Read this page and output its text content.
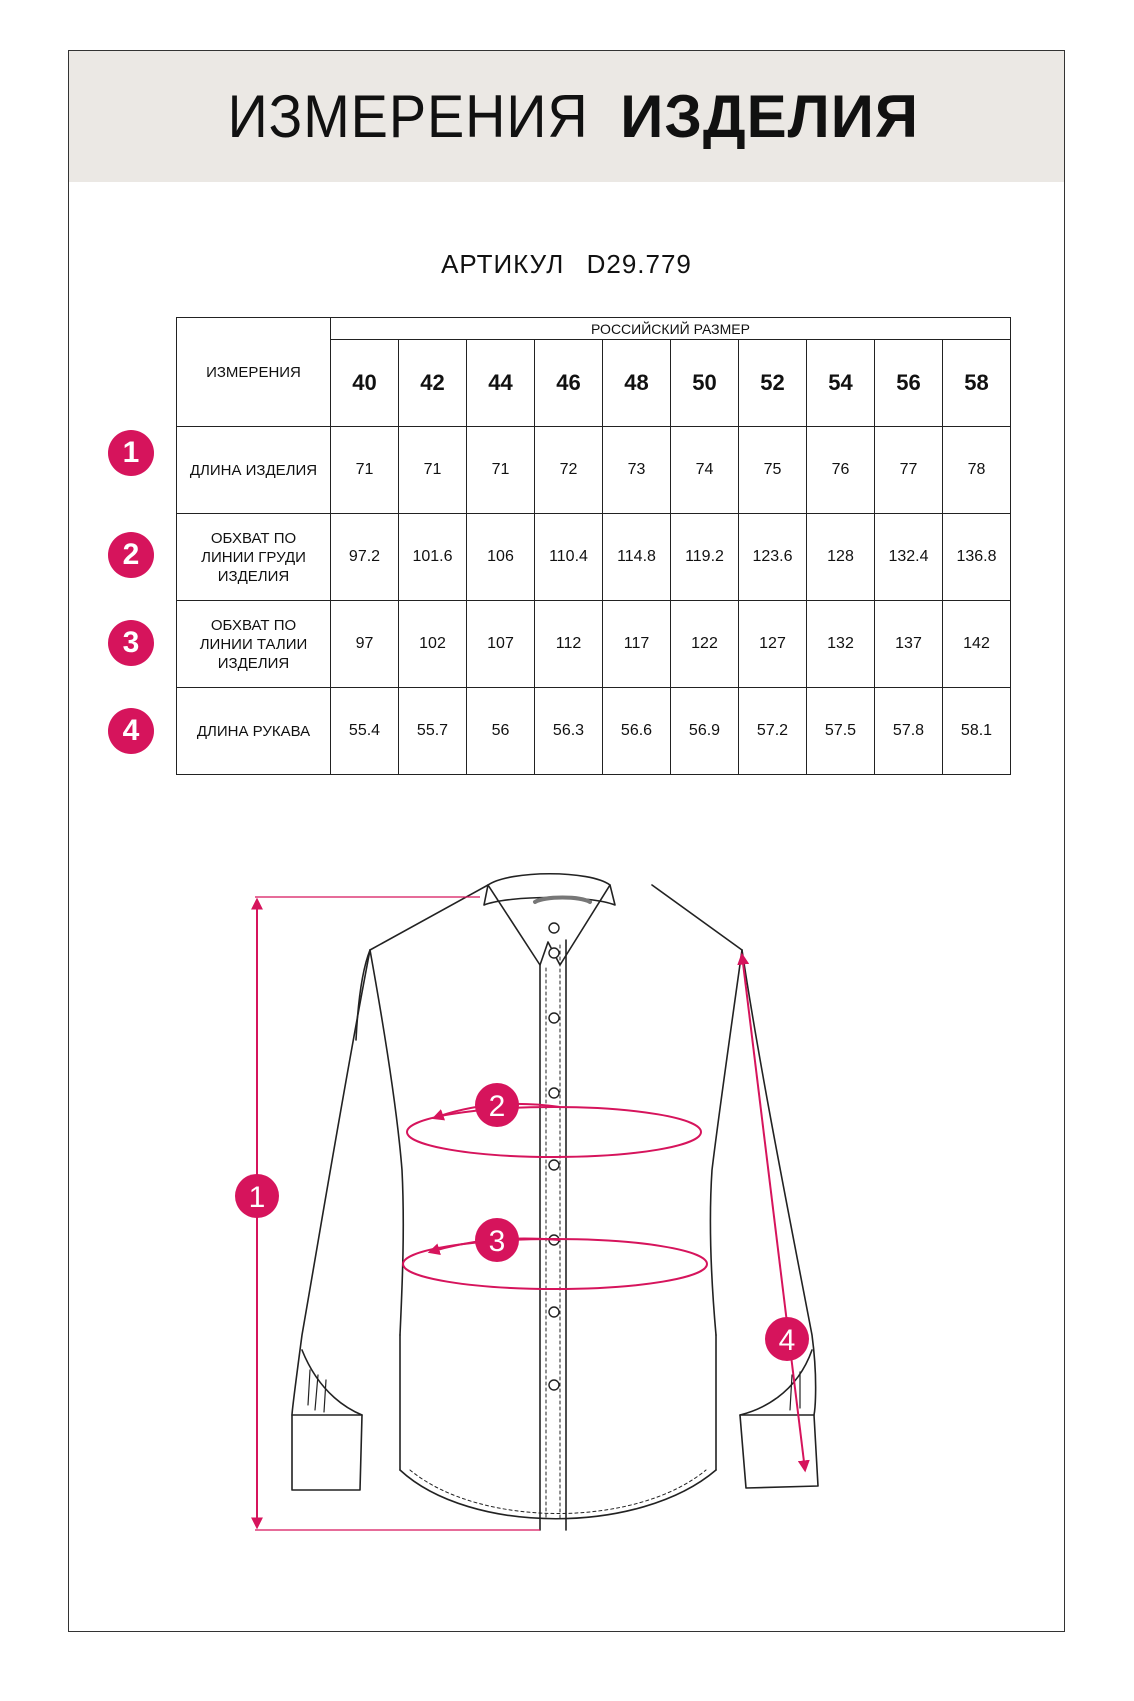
ИЗМЕРЕНИЯ ИЗДЕЛИЯ
АРТИКУЛ D29.779
ИЗМЕРЕНИЯ	РОССИЙСКИЙ РАЗМЕР									
	40	42	44	46	48	50	52	54	56	58
ДЛИНА ИЗДЕЛИЯ	71	71	71	72	73	74	75	76	77	78
ОБХВАТ ПО ЛИНИИ ГРУДИ ИЗДЕЛИЯ	97.2	101.6	106	110.4	114.8	119.2	123.6	128	132.4	136.8
ОБХВАТ ПО ЛИНИИ ТАЛИИ ИЗДЕЛИЯ	97	102	107	112	117	122	127	132	137	142
ДЛИНА РУКАВА	55.4	55.7	56	56.3	56.6	56.9	57.2	57.5	57.8	58.1
1
2
3
4
1
2
3
4
